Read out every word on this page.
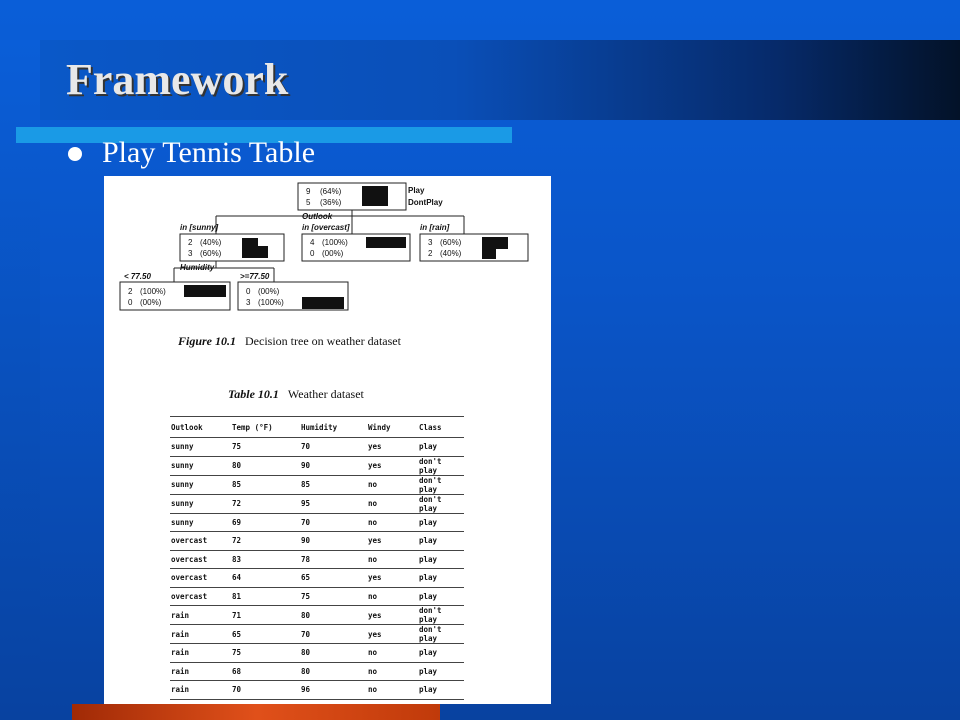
Framework
Play Tennis Table
9 (64%)
5 (36%)
Play
DontPlay
Outlook
in [sunny]
2 (40%)
3 (60%)
in [overcast]
4 (100%)
0 (00%)
in [rain]
3 (60%)
2 (40%)
Humidity
< 77.50
2 (100%)
0 (00%)
>=77.50
0 (00%)
3 (100%)
Figure 10.1 Decision tree on weather dataset
Table 10.1 Weather dataset
Outlook	Temp (°F)	Humidity	Windy	Class
sunny	75	70	yes	play
sunny	80	90	yes	don't play
sunny	85	85	no	don't play
sunny	72	95	no	don't play
sunny	69	70	no	play
overcast	72	90	yes	play
overcast	83	78	no	play
overcast	64	65	yes	play
overcast	81	75	no	play
rain	71	80	yes	don't play
rain	65	70	yes	don't play
rain	75	80	no	play
rain	68	80	no	play
rain	70	96	no	play
